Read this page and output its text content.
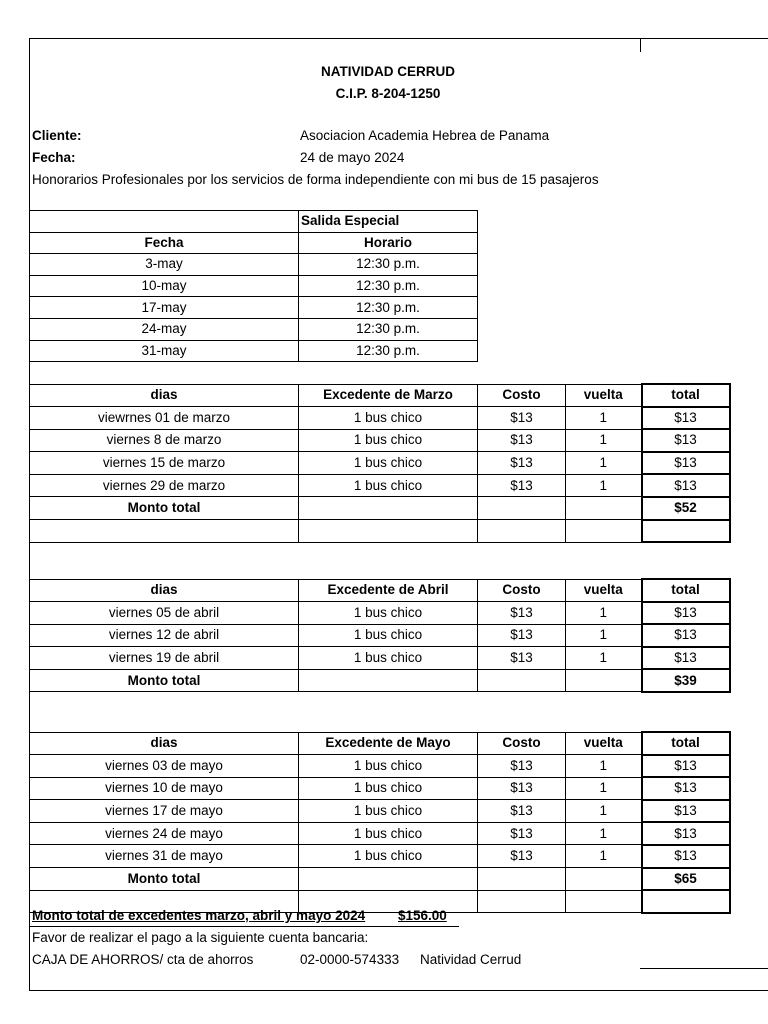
NATIVIDAD CERRUD
C.I.P. 8-204-1250
Cliente:	Asociacion Academia Hebrea de Panama
Fecha:	24 de mayo 2024
Honorarios Profesionales por los servicios de forma independiente con mi bus de 15 pasajeros
	Salida Especial
Fecha	Horario
3-may	12:30 p.m.
10-may	12:30 p.m.
17-may	12:30 p.m.
24-may	12:30 p.m.
31-may	12:30 p.m.
dias	Excedente de Marzo	Costo	vuelta	total
viewrnes 01 de marzo	1 bus chico	$13	1	$13
viernes 8 de marzo	1 bus chico	$13	1	$13
viernes 15 de marzo	1 bus chico	$13	1	$13
viernes 29 de marzo	1 bus chico	$13	1	$13
Monto total				$52

dias	Excedente de Abril	Costo	vuelta	total
viernes 05 de abril	1 bus chico	$13	1	$13
viernes 12 de abril	1 bus chico	$13	1	$13
viernes 19 de abril	1 bus chico	$13	1	$13
Monto total				$39
dias	Excedente de Mayo	Costo	vuelta	total
viernes 03 de mayo	1 bus chico	$13	1	$13
viernes 10 de mayo	1 bus chico	$13	1	$13
viernes 17 de mayo	1 bus chico	$13	1	$13
viernes 24 de mayo	1 bus chico	$13	1	$13
viernes 31 de mayo	1 bus chico	$13	1	$13
Monto total				$65

Monto total de excedentes marzo, abril y mayo 2024 $156.00
Favor de realizar el pago a la siguiente cuenta bancaria:
CAJA DE AHORROS/ cta de ahorros	02-0000-574333 Natividad Cerrud
